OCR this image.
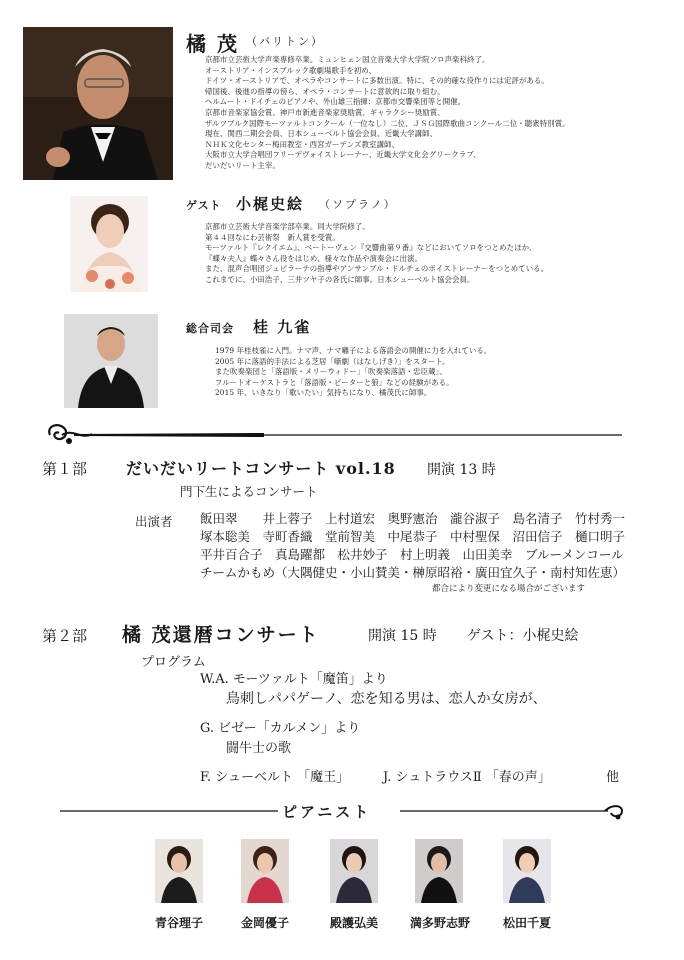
橘 茂 （バリトン）
京都市立芸術大学声楽専修卒業。ミュンヒェン国立音楽大学大学院ソロ声楽科終了。
オーストリア・インスブルック歌劇場歌手を初め、
ドイツ・オーストリアで、オペラやコンサートに多数出演。特に、その的確な役作りには定評がある。
帰国後、後進の指導の傍ら、オペラ・コンサートに意欲的に取り組む。
ヘルムート・ドイチェのピアノや、外山雄三指揮：京都市交響楽団等と開催。
京都市音楽家協会賞、神戸市新進音楽家奨励賞、ギャラクシー奨励賞、
ザルツブルク国際モーツァルトコンクール（一位なし）二位、ＪＳＧ国際歌曲コンクール二位・聴衆特別賞。
現在、関西二期会会員、日本シューベルト協会会員、近畿大学講師、
ＮＨＫ文化センター梅田教室・西宮ガーデンズ教室講師、
大阪市立大学合唱団フリーデヴォイストレーナー、近畿大学文化会グリークラブ、
だいだいリート主宰。
ゲスト 小梶史絵 （ソプラノ）
京都市立芸術大学音楽学部卒業。同大学院修了。
第４４回なにわ芸術祭　新人賞を受賞。
モーツァルト『レクイエム』、ベートーヴェン『交響曲第９番』などにおいてソロをつとめたほか、
『蝶々夫人』蝶々さん役をはじめ、様々な作品や演奏会に出演。
また、混声合唱団ジュビラーテの指導やアンサンブル・ドルチェのボイストレーナーをつとめている。
これまでに、小田浩子、三井ツヤ子の各氏に師事。日本シューベルト協会会員。
総合司会 桂 九雀
1979 年桂枝雀に入門。ナマ声、ナマ囃子による落語会の開催に力を入れている。
2005 年に落語的手法による芝居「噺劇（はなしげき）」をスタート。
また吹奏楽団と「落語版・メリーウィドー」「吹奏楽落語・忠臣蔵」、
フルートオーケストラと「落語版・ピーターと狼」などの経験がある。
2015 年、いきなり「歌いたい」気持ちになり、橘茂氏に師事。
第１部 だいだいリートコンサート vol.18 開演 13 時
門下生によるコンサート
出演者 飯田翠　　井上蓉子　上村道宏　奥野憲治　瀧谷淑子　島名清子　竹村秀一
塚本聡美　寺町香織　堂前智美　中尾恭子　中村聖保　沼田信子　樋口明子
平井百合子　真島躍都　松井妙子　村上明義　山田美幸　ブルーメンコール
チームかもめ（大隅健史・小山賛美・榊原昭裕・廣田宜久子・南村知佐恵）
都合により変更になる場合がございます
第２部 橘 茂還暦コンサート	開演 15 時 ゲスト：小梶史絵
プログラム
W.A. モーツァルト「魔笛」より
鳥刺しパパゲーノ、恋を知る男は、恋人か女房が、
G. ビゼー「カルメン」より
闘牛士の歌
F. シューベルト 「魔王」	J. シュトラウスⅡ 「春の声」	他
ピアニスト
青谷理子	金岡優子	殿護弘美	満多野志野	松田千夏
